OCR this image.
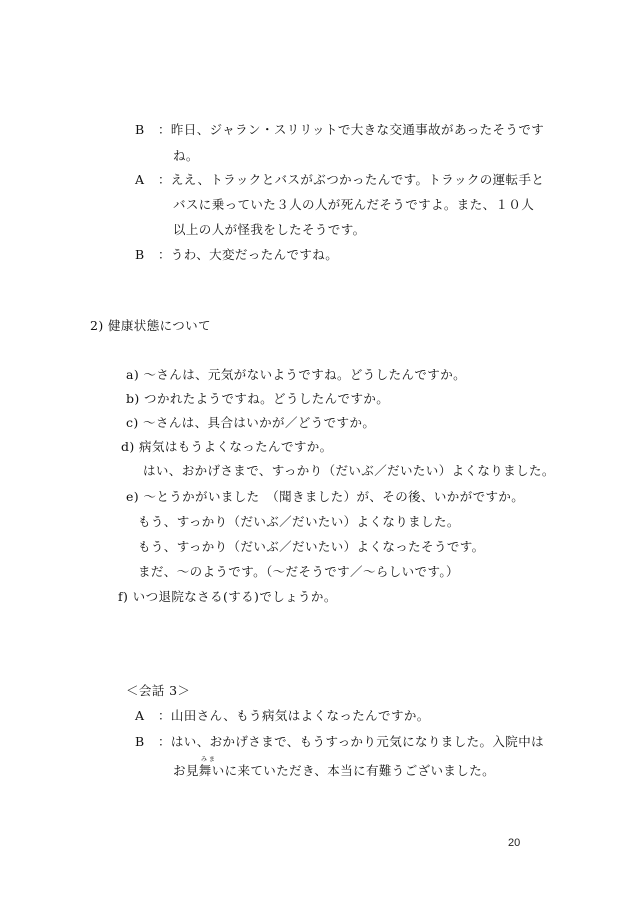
B	：昨日、ジャラン・スリリットで大きな交通事故があったそうです
ね。
A	：ええ、トラックとバスがぶつかったんです。トラックの運転手と
バスに乗っていた３人の人が死んだそうですよ。また、１０人
以上の人が怪我をしたそうです。
B	：うわ、大変だったんですね。
2) 健康状態について
a) ～さんは、元気がないようですね。どうしたんですか。
b) つかれたようですね。どうしたんですか。
c) ～さんは、具合はいかが／どうですか。
d) 病気はもうよくなったんですか。
はい、おかげさまで、すっかり（だいぶ／だいたい）よくなりました。
e) ～とうかがいました　（聞きました）が、その後、いかがですか。
もう、すっかり（だいぶ／だいたい）よくなりました。
もう、すっかり（だいぶ／だいたい）よくなったそうです。
まだ、～のようです。（～だそうです／～らしいです。）
f) いつ退院なさる(する)でしょうか。
＜会話 3＞
A	：山田さん、もう病気はよくなったんですか。
B	：はい、おかげさまで、もうすっかり元気になりました。入院中は
み ま
お見舞いに来ていただき、本当に有難うございました。
20
